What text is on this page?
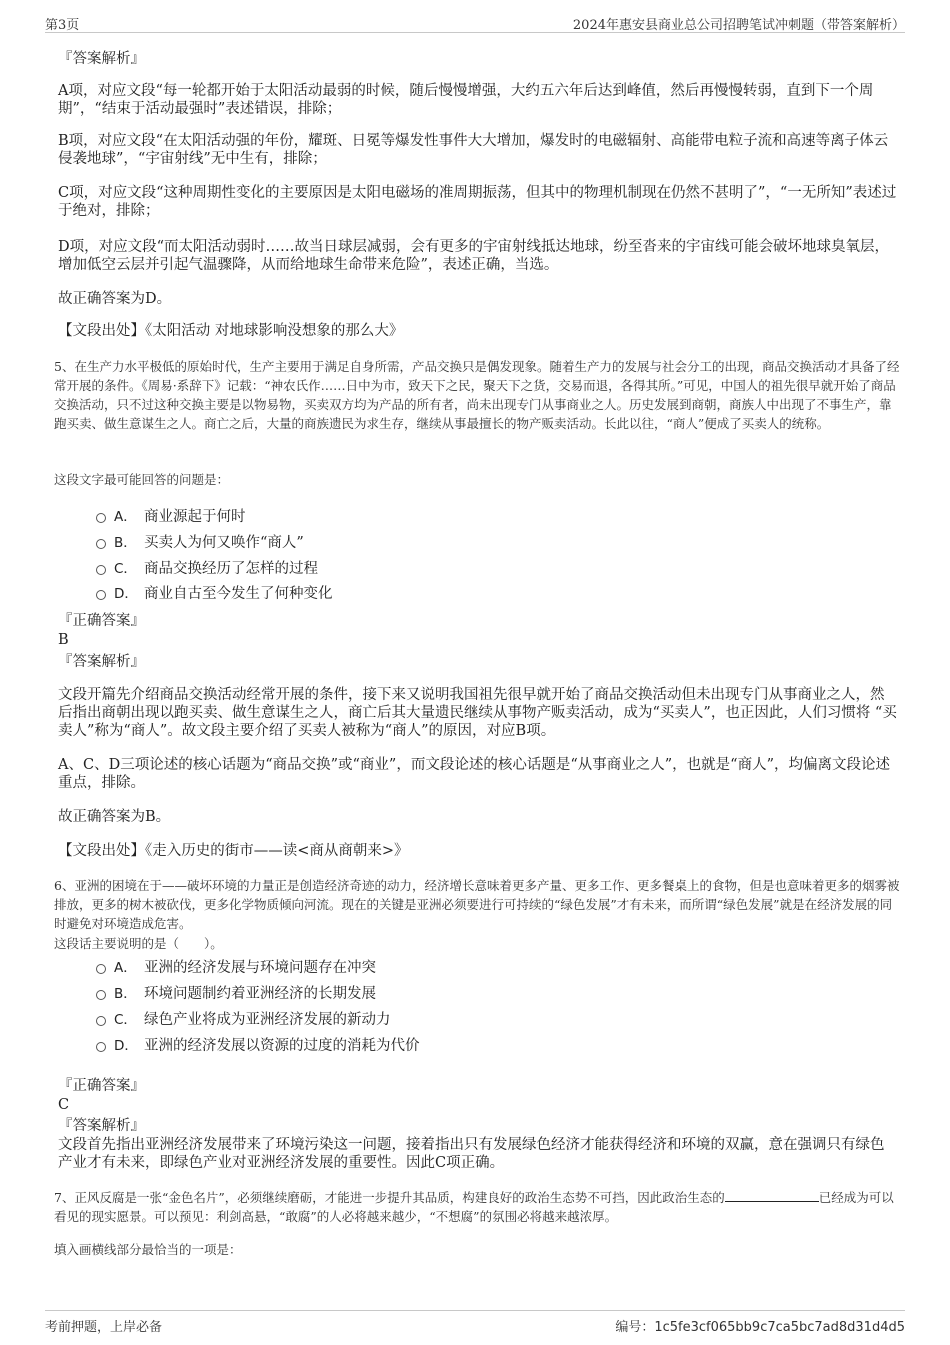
第3页	2024年惠安县商业总公司招聘笔试冲刺题（带答案解析）

『答案解析』

A项，对应文段“每一轮都开始于太阳活动最弱的时候，随后慢慢增强，大约五六年后达到峰值，然后再慢慢转弱，直到下一个周期”，“结束于活动最强时”表述错误，排除；

B项，对应文段“在太阳活动强的年份，耀斑、日冕等爆发性事件大大增加，爆发时的电磁辐射、高能带电粒子流和高速等离子体云侵袭地球”，“宇宙射线”无中生有，排除；

C项，对应文段“这种周期性变化的主要原因是太阳电磁场的准周期振荡，但其中的物理机制现在仍然不甚明了”，“一无所知”表述过于绝对，排除；

D项，对应文段“而太阳活动弱时……故当日球层减弱，会有更多的宇宙射线抵达地球，纷至沓来的宇宙线可能会破坏地球臭氧层，增加低空云层并引起气温骤降，从而给地球生命带来危险”，表述正确，当选。

故正确答案为D。

【文段出处】《太阳活动 对地球影响没想象的那么大》

5、在生产力水平极低的原始时代，生产主要用于满足自身所需，产品交换只是偶发现象。随着生产力的发展与社会分工的出现，商品交换活动才具备了经常开展的条件。《周易·系辞下》记载：“神农氏作……日中为市，致天下之民，聚天下之货，交易而退，各得其所。”可见，中国人的祖先很早就开始了商品交换活动，只不过这种交换主要是以物易物，买卖双方均为产品的所有者，尚未出现专门从事商业之人。历史发展到商朝，商族人中出现了不事生产，靠跑买卖、做生意谋生之人。商亡之后，大量的商族遗民为求生存，继续从事最擅长的物产贩卖活动。长此以往，“商人”便成了买卖人的统称。

这段文字最可能回答的问题是：

A． 商业源起于何时
B． 买卖人为何又唤作“商人”
C． 商品交换经历了怎样的过程
D． 商业自古至今发生了何种变化

『正确答案』

B

『答案解析』

文段开篇先介绍商品交换活动经常开展的条件，接下来又说明我国祖先很早就开始了商品交换活动但未出现专门从事商业之人，然后指出商朝出现以跑买卖、做生意谋生之人，商亡后其大量遗民继续从事物产贩卖活动，成为“买卖人”，也正因此，人们习惯将 “买卖人”称为“商人”。故文段主要介绍了买卖人被称为“商人”的原因，对应B项。

A、C、D三项论述的核心话题为“商品交换”或“商业”，而文段论述的核心话题是“从事商业之人”，也就是“商人”，均偏离文段论述重点，排除。

故正确答案为B。

【文段出处】《走入历史的街市——读<商从商朝来>》

6、亚洲的困境在于——破坏环境的力量正是创造经济奇迹的动力，经济增长意味着更多产量、更多工作、更多餐桌上的食物，但是也意味着更多的烟雾被排放，更多的树木被砍伐，更多化学物质倾向河流。现在的关键是亚洲必须要进行可持续的“绿色发展”才有未来，而所谓“绿色发展”就是在经济发展的同时避免对环境造成危害。

这段话主要说明的是（　　）。

A． 亚洲的经济发展与环境问题存在冲突
B． 环境问题制约着亚洲经济的长期发展
C． 绿色产业将成为亚洲经济发展的新动力
D． 亚洲的经济发展以资源的过度的消耗为代价

『正确答案』

C

『答案解析』

文段首先指出亚洲经济发展带来了环境污染这一问题，接着指出只有发展绿色经济才能获得经济和环境的双赢，意在强调只有绿色产业才有未来，即绿色产业对亚洲经济发展的重要性。因此C项正确。

7、正风反腐是一张“金色名片”，必须继续磨砺，才能进一步提升其品质，构建良好的政治生态势不可挡，因此政治生态的	已经成为可以看见的现实愿景。可以预见：利剑高悬，“敢腐”的人必将越来越少，“不想腐”的氛围必将越来越浓厚。

填入画横线部分最恰当的一项是：

考前押题，上岸必备	编号：1c5fe3cf065bb9c7ca5bc7ad8d31d4d5
